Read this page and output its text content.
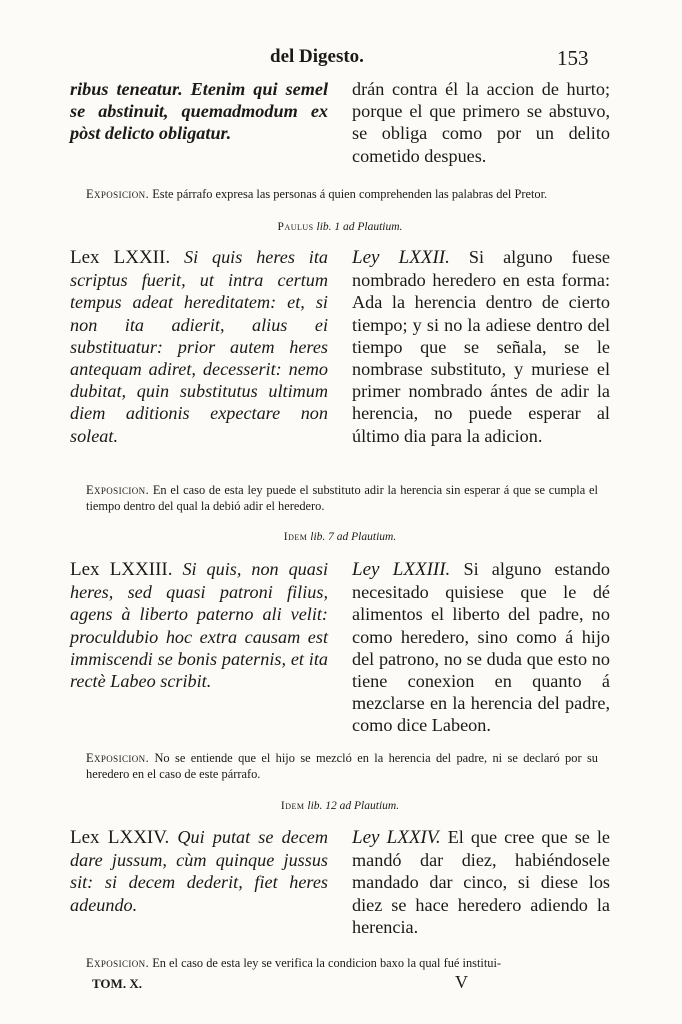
del Digesto.	153

ribus teneatur. Etenim qui semel se abstinuit, quemadmodum ex pòst delicto obligatur.

drán contra él la accion de hurto; porque el que primero se abstuvo, se obliga como por un delito cometido despues.

Exposicion. Este párrafo expresa las personas á quien comprehenden las palabras del Pretor.
Paulus lib. 1 ad Plautium.

Lex LXXII. Si quis heres ita scriptus fuerit, ut intra certum tempus adeat hereditatem: et, si non ita adierit, alius ei substituatur: prior autem heres antequam adiret, decesserit: nemo dubitat, quin substitutus ultimum diem aditionis expectare non soleat.

Ley LXXII. Si alguno fuese nombrado heredero en esta forma: Ada la herencia dentro de cierto tiempo; y si no la adiese dentro del tiempo que se señala, se le nombrase substituto, y muriese el primer nombrado ántes de adir la herencia, no puede esperar al último dia para la adicion.

Exposicion. En el caso de esta ley puede el substituto adir la herencia sin esperar á que se cumpla el tiempo dentro del qual la debió adir el heredero.
Idem lib. 7 ad Plautium.

Lex LXXIII. Si quis, non quasi heres, sed quasi patroni filius, agens à liberto paterno ali velit: proculdubio hoc extra causam est immiscendi se bonis paternis, et ita rectè Labeo scribit.

Ley LXXIII. Si alguno estando necesitado quisiese que le dé alimentos el liberto del padre, no como heredero, sino como á hijo del patrono, no se duda que esto no tiene conexion en quanto á mezclarse en la herencia del padre, como dice Labeon.

Exposicion. No se entiende que el hijo se mezcló en la herencia del padre, ni se declaró por su heredero en el caso de este párrafo.
Idem lib. 12 ad Plautium.

Lex LXXIV. Qui putat se decem dare jussum, cùm quinque jussus sit: si decem dederit, fiet heres adeundo.

Ley LXXIV. El que cree que se le mandó dar diez, habiéndosele mandado dar cinco, si diese los diez se hace heredero adiendo la herencia.

Exposicion. En el caso de esta ley se verifica la condicion baxo la qual fué institui-
TOM. X.	V
